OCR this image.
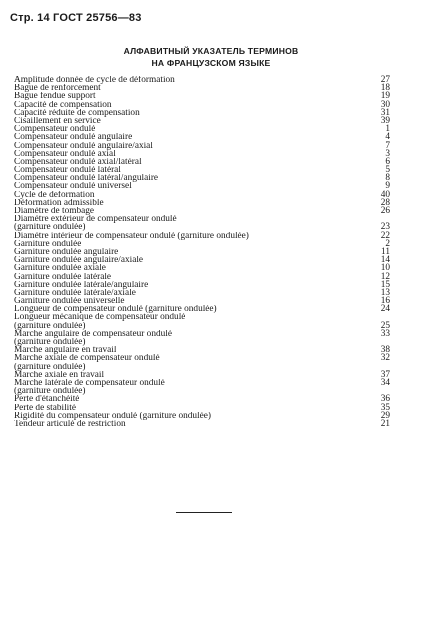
Стр. 14 ГОСТ 25756—83
АЛФАВИТНЫЙ УКАЗАТЕЛЬ ТЕРМИНОВ
НА ФРАНЦУЗСКОМ ЯЗЫКЕ
Amplitude donnée de cycle de déformation	27
Bague de renforcement	18
Bague fendue support	19
Capacité de compensation	30
Capacité réduite de compensation	31
Cisaillement en service	39
Compensateur ondulé	1
Compensateur ondulé angulaire	4
Compensateur ondulé angulaire/axial	7
Compensateur ondulé axial	3
Compensateur ondulé axial/latéral	6
Compensateur ondulé latéral	5
Compensateur ondulé latéral/angulaire	8
Compensateur ondulé universel	9
Cycle de deformation	40
Déformation admissible	28
Diamètre de tombage	26
Diamètre extérieur de compensateur ondulé
(garniture ondulée)	23
Diamètre intérieur de compensateur ondulé (garniture ondulée)	22
Garniture ondulée	2
Garniture ondulée angulaire	11
Garniture ondulée angulaire/axiale	14
Garniture ondulée axiale	10
Garniture ondulée latérale	12
Garniture ondulée latérale/angulaire	15
Garniture ondulée latérale/axiale	13
Garniture ondulée universelle	16
Longueur de compensateur ondulé (garniture ondulée)	24
Longueur mécanique de compensateur ondulé
(garniture ondulée)	25
Marche angulaire de compensateur ondulé	33
(garniture ondulée)
Marche angulaire en travail	38
Marche axiale de compensateur ondulé	32
(garniture ondulée)
Marche axiale en travail	37
Marche latérale de compensateur ondulé	34
(garniture ondulée)
Perte d'étanchéité	36
Perte de stabilité	35
Rigidité du compensateur ondulé (garniture ondulée)	29
Tendeur articulé de restriction	21
